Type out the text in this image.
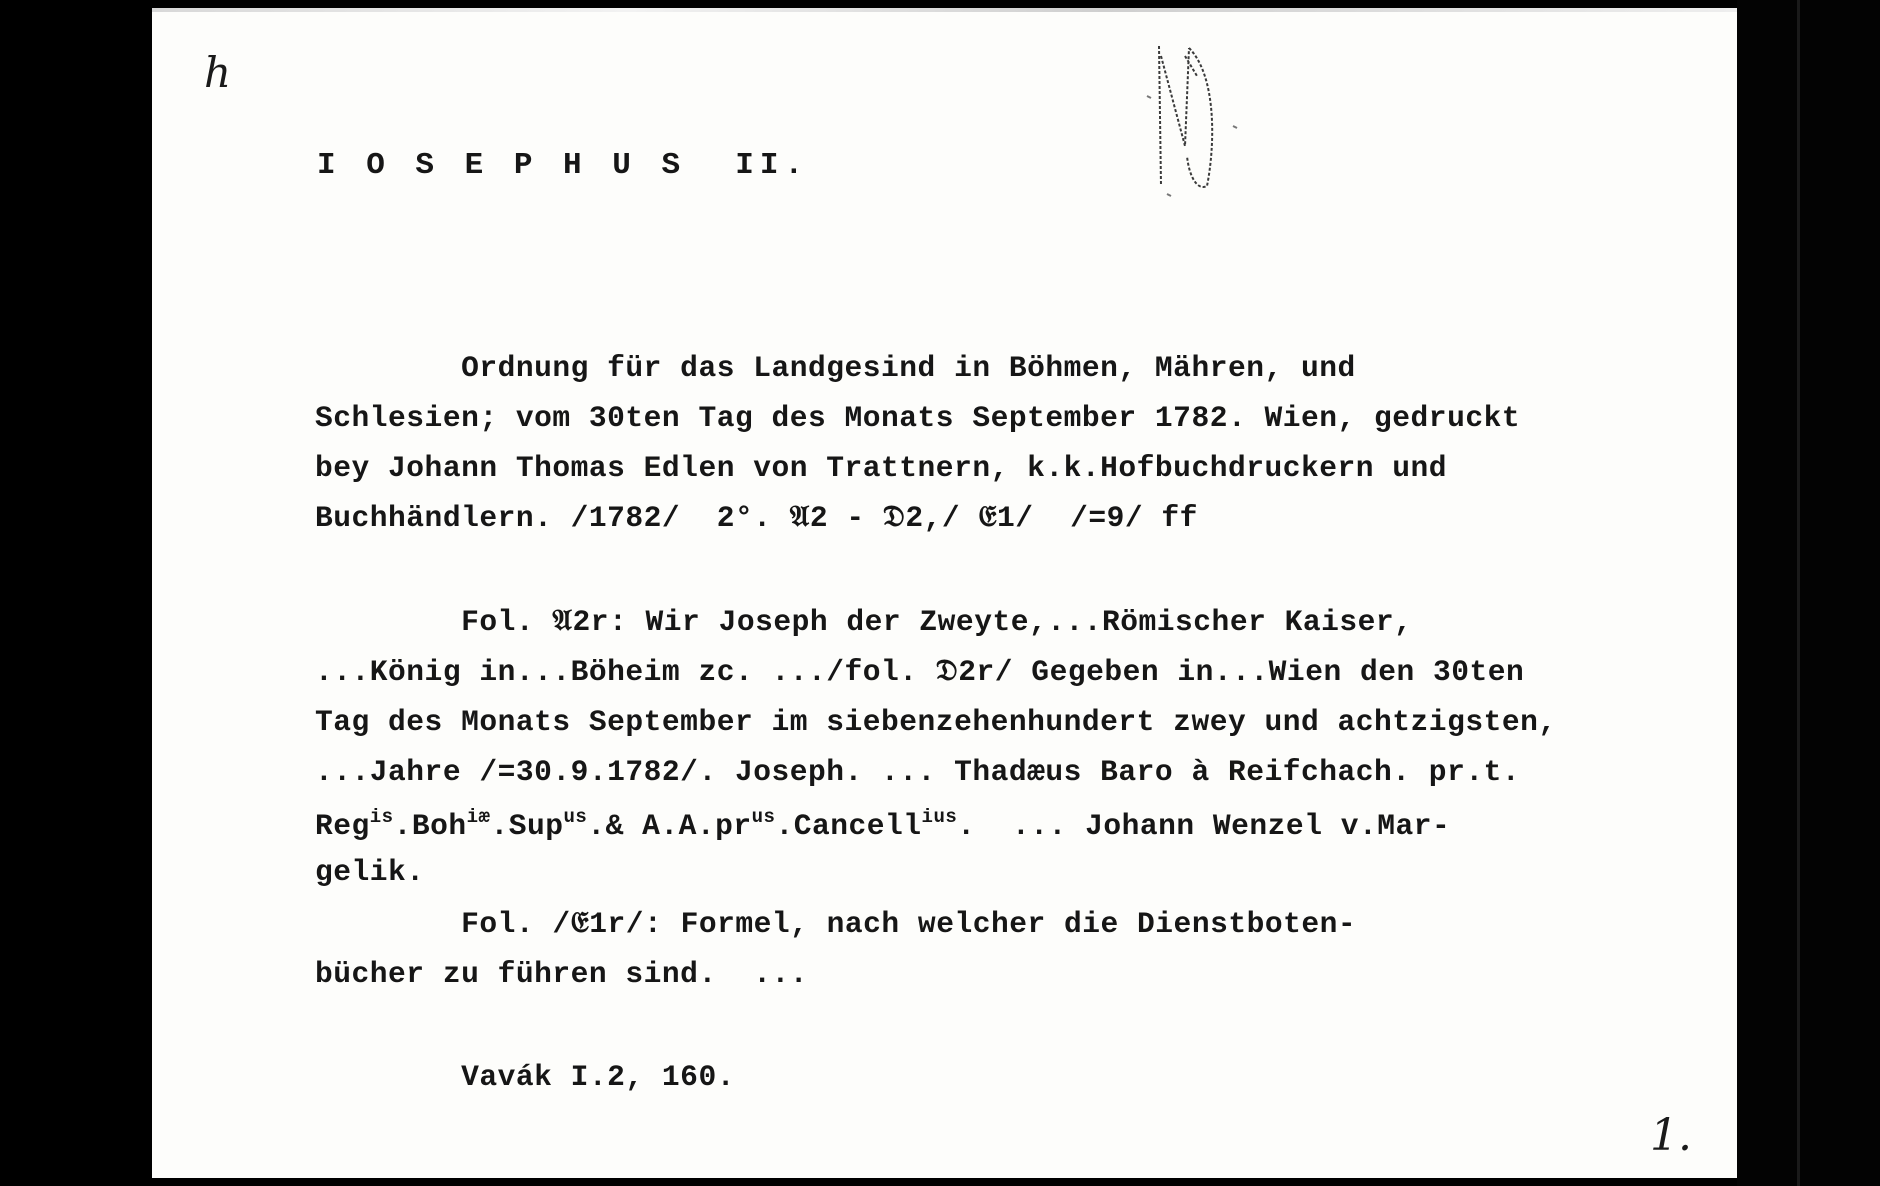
h
I O S E P H U S  II.
Ordnung für das Landgesind in Böhmen, Mähren, und
Schlesien; vom 30ten Tag des Monats September 1782. Wien, gedruckt
bey Johann Thomas Edlen von Trattnern, k.k.Hofbuchdruckern und
Buchhändlern. /1782/  2°. 𝔄2 - 𝔇2,/ 𝔈1/  /=9/ ff
Fol. 𝔄2r: Wir Joseph der Zweyte,...Römischer Kaiser,
...König in...Böheim zc. .../fol. 𝔇2r/ Gegeben in...Wien den 30ten
Tag des Monats September im siebenzehenhundert zwey und achtzigsten,
...Jahre /=30.9.1782/. Joseph. ... Thadæus Baro à Reifchach. pr.t.
Reg$^{is}$.Boh$^{iæ}$.Sup$^{us}$.& $A.A.pr^{us}.Cancell^{ius}$.  ... Johann Wenzel v.Mar-
gelik.
Fol. /𝔈1r/: Formel, nach welcher die Dienstboten-
bücher zu führen sind.  ...
Vavák I.2, 160.
1.
